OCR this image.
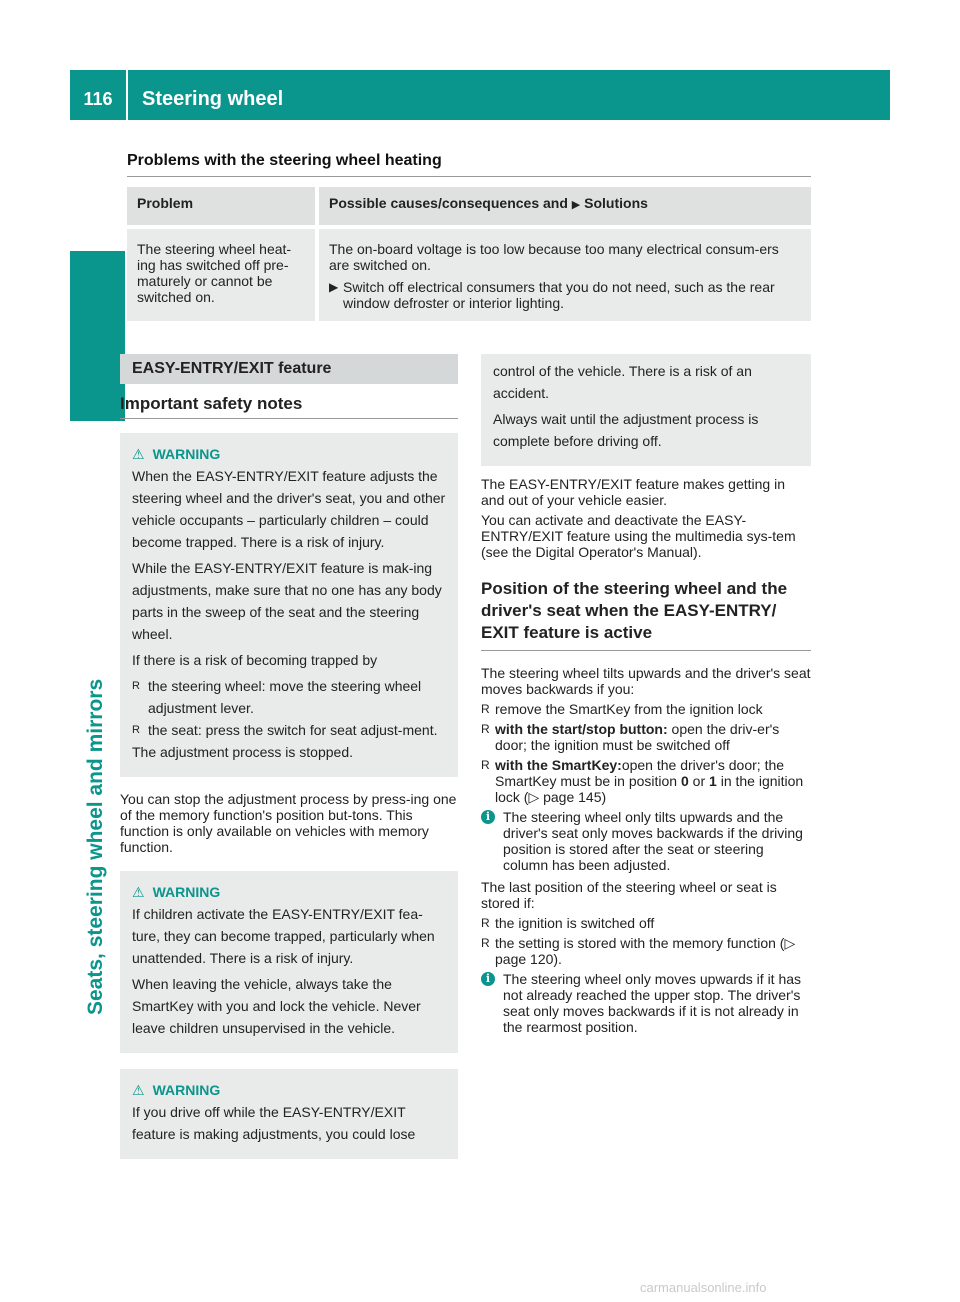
116	Steering wheel
Seats, steering wheel and mirrors
Problems with the steering wheel heating
Problem	Possible causes/consequences and ▶ Solutions
The steering wheel heat-ing has switched off pre-maturely or cannot be switched on.	The on-board voltage is too low because too many electrical consum-ers are switched on.
▶ Switch off electrical consumers that you do not need, such as the rear window defroster or interior lighting.
EASY-ENTRY/EXIT feature
Important safety notes
⚠ WARNING

When the EASY-ENTRY/EXIT feature adjusts the steering wheel and the driver's seat, you and other vehicle occupants – particularly children – could become trapped. There is a risk of injury.

While the EASY-ENTRY/EXIT feature is mak-ing adjustments, make sure that no one has any body parts in the sweep of the seat and the steering wheel.

If there is a risk of becoming trapped by

R the steering wheel: move the steering wheel adjustment lever.
R the seat: press the switch for seat adjust-ment.

The adjustment process is stopped.

You can stop the adjustment process by press-ing one of the memory function's position but-tons. This function is only available on vehicles with memory function.

⚠ WARNING

If children activate the EASY-ENTRY/EXIT fea-ture, they can become trapped, particularly when unattended. There is a risk of injury.

When leaving the vehicle, always take the SmartKey with you and lock the vehicle. Never leave children unsupervised in the vehicle.

⚠ WARNING

If you drive off while the EASY-ENTRY/EXIT feature is making adjustments, you could lose

control of the vehicle. There is a risk of an accident.

Always wait until the adjustment process is complete before driving off.

The EASY-ENTRY/EXIT feature makes getting in and out of your vehicle easier.

You can activate and deactivate the EASY-ENTRY/EXIT feature using the multimedia sys-tem (see the Digital Operator's Manual).

Position of the steering wheel and the driver's seat when the EASY-ENTRY/ EXIT feature is active

The steering wheel tilts upwards and the driver's seat moves backwards if you:

R remove the SmartKey from the ignition lock
R with the start/stop button: open the driv-er's door; the ignition must be switched off
R with the SmartKey:open the driver's door; the SmartKey must be in position 0 or 1 in the ignition lock (▷ page 145)
i The steering wheel only tilts upwards and the driver's seat only moves backwards if the driving position is stored after the seat or steering column has been adjusted.

The last position of the steering wheel or seat is stored if:

R the ignition is switched off
R the setting is stored with the memory function (▷ page 120).
i The steering wheel only moves upwards if it has not already reached the upper stop. The driver's seat only moves backwards if it is not already in the rearmost position.
carmanualsonline.info
